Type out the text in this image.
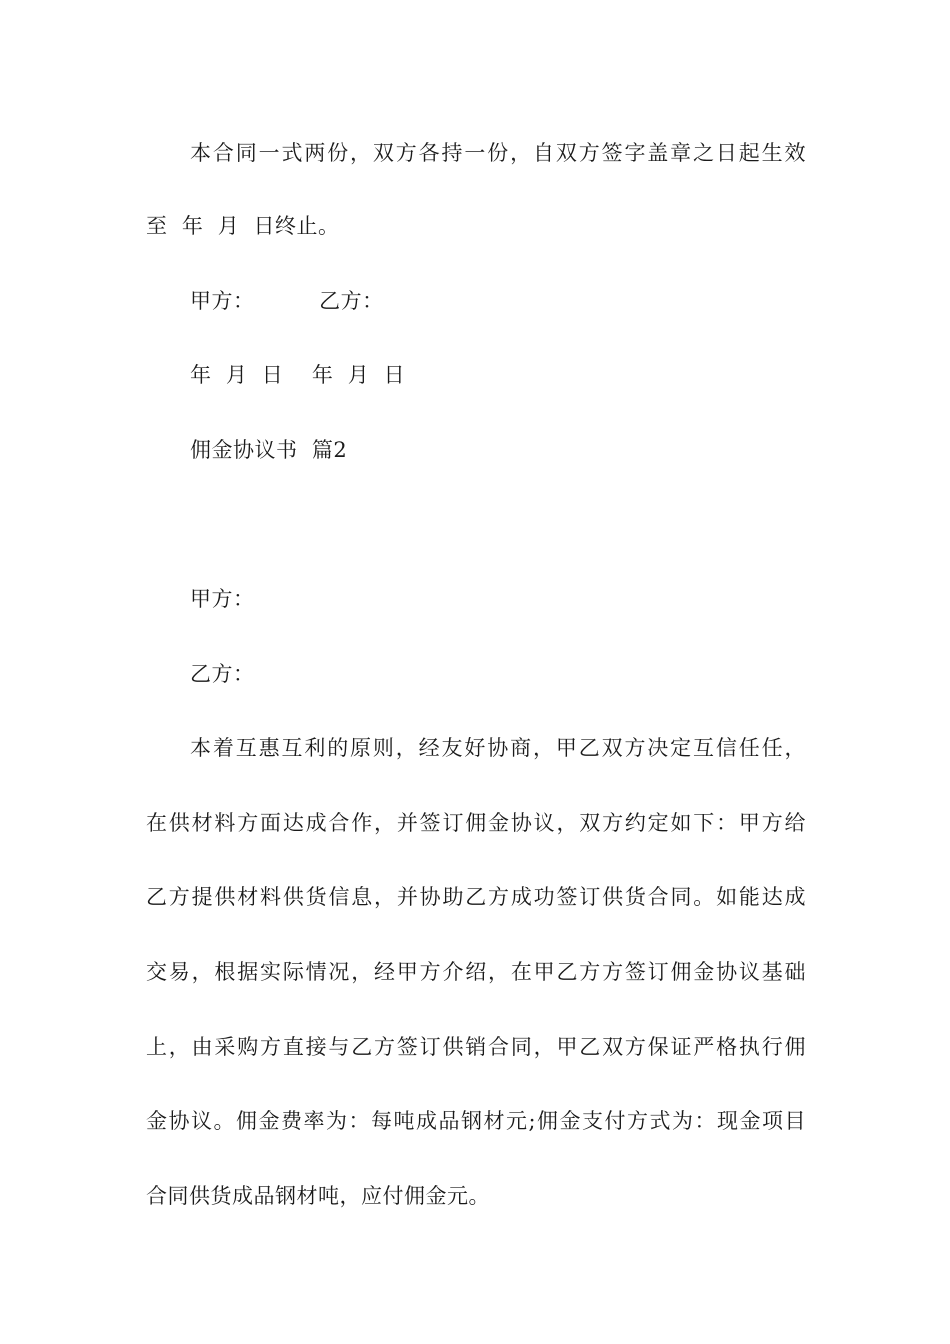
本合同一式两份，双方各持一份，自双方签字盖章之日起生效
至  年  月  日终止。
甲方：         乙方：
年  月  日    年  月  日
佣金协议书  篇2
甲方：
乙方：
本着互惠互利的原则，经友好协商，甲乙双方决定互信任任，
在供材料方面达成合作，并签订佣金协议，双方约定如下：甲方给
乙方提供材料供货信息，并协助乙方成功签订供货合同。如能达成
交易，根据实际情况，经甲方介绍，在甲乙方方签订佣金协议基础
上，由采购方直接与乙方签订供销合同，甲乙双方保证严格执行佣
金协议。佣金费率为：每吨成品钢材元;佣金支付方式为：现金项目
合同供货成品钢材吨，应付佣金元。
